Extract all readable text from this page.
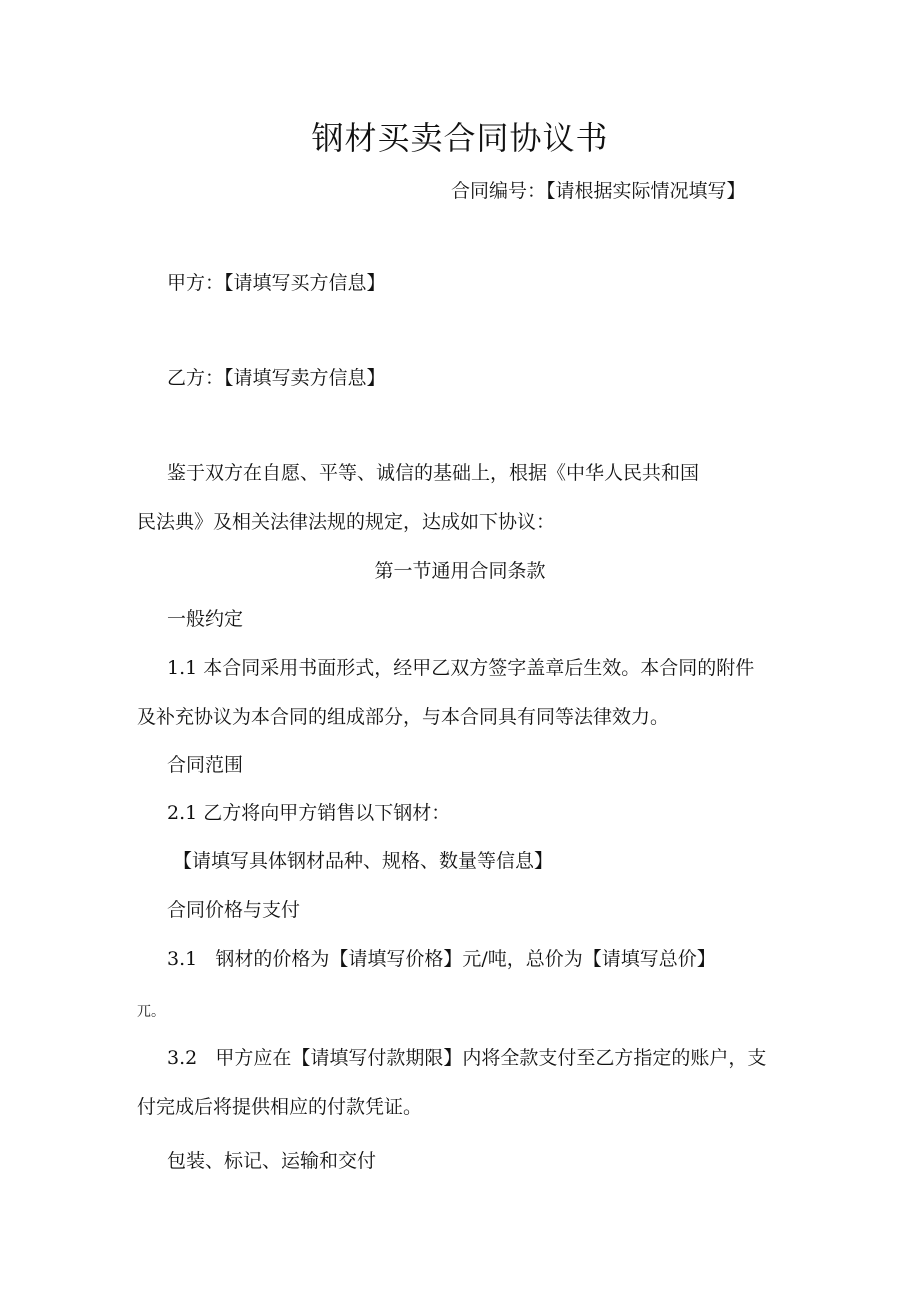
钢材买卖合同协议书
合同编号：【请根据实际情况填写】
甲方：【请填写买方信息】
乙方：【请填写卖方信息】
鉴于双方在自愿、平等、诚信的基础上，根据《中华人民共和国
民法典》及相关法律法规的规定，达成如下协议：
第一节通用合同条款
一般约定
1.1 本合同采用书面形式，经甲乙双方签字盖章后生效。本合同的附件
及补充协议为本合同的组成部分，与本合同具有同等法律效力。
合同范围
2.1 乙方将向甲方销售以下钢材：
【请填写具体钢材品种、规格、数量等信息】
合同价格与支付
3.1   钢材的价格为【请填写价格】元/吨，总价为【请填写总价】
兀。
3.2   甲方应在【请填写付款期限】内将全款支付至乙方指定的账户，支
付完成后将提供相应的付款凭证。
包装、标记、运输和交付
